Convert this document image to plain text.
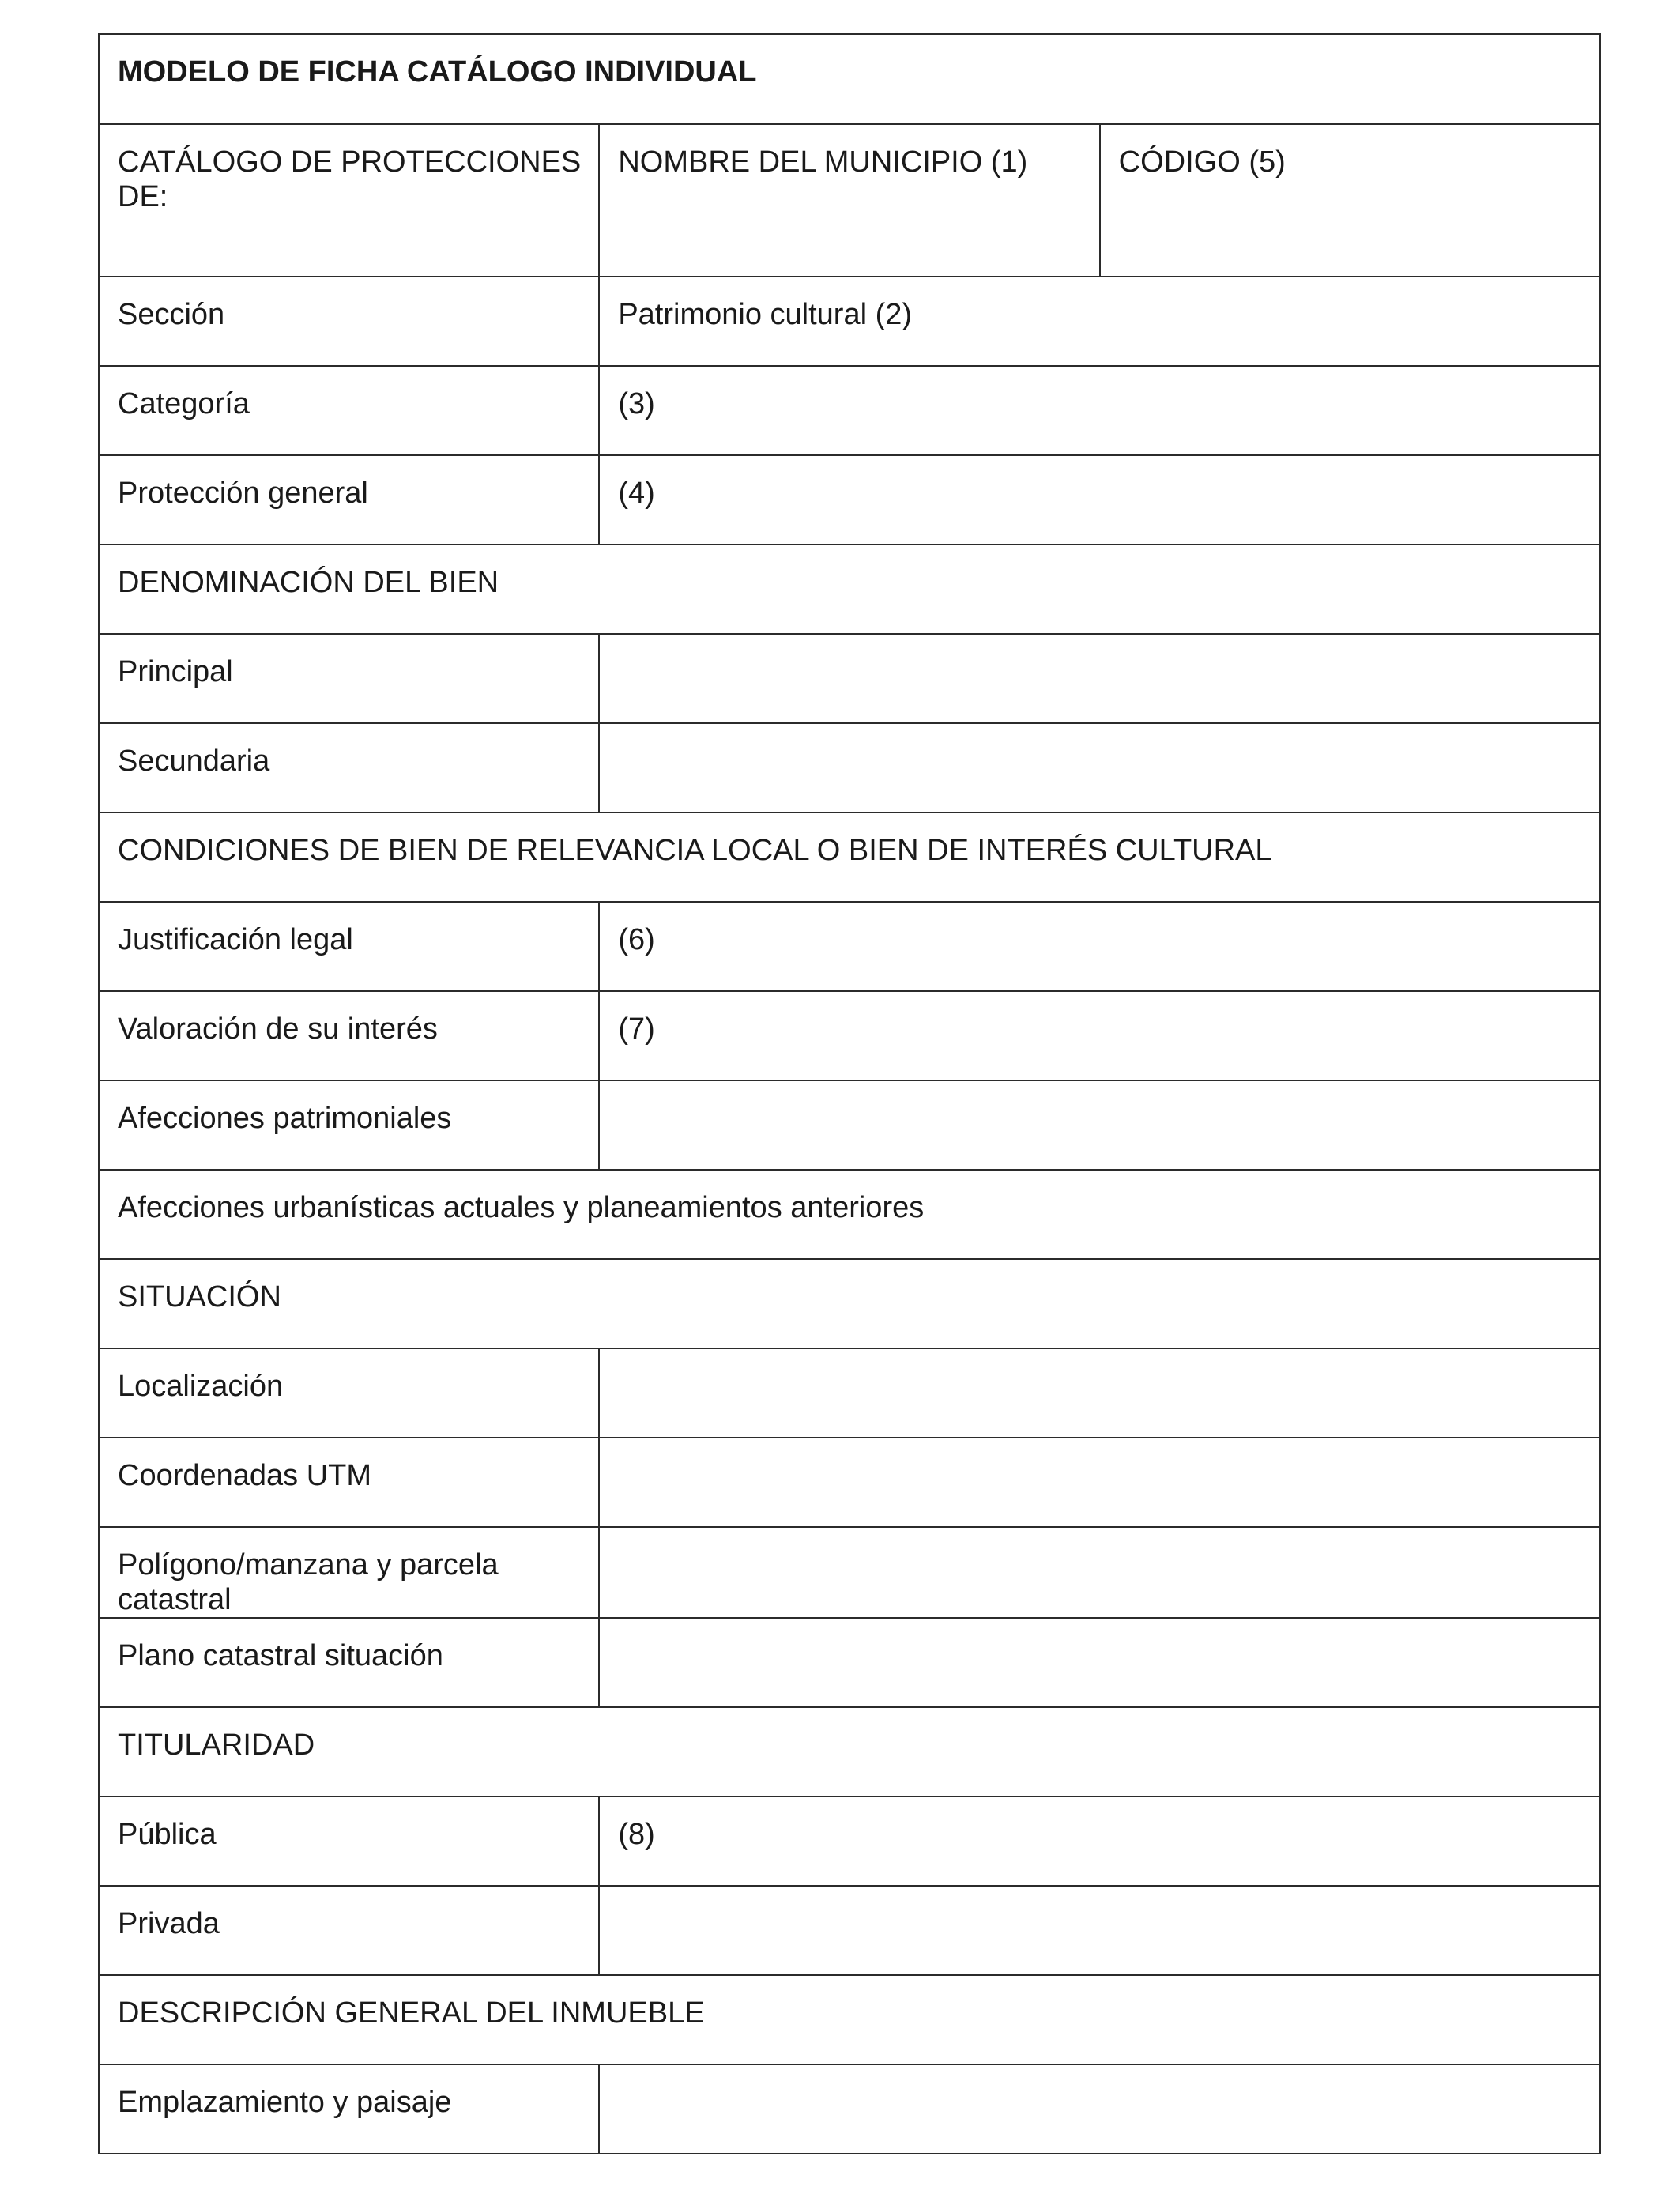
MODELO DE FICHA CATÁLOGO INDIVIDUAL		
CATÁLOGO DE PROTECCIONES DE:	NOMBRE DEL MUNICIPIO (1)	CÓDIGO (5)
Sección	Patrimonio cultural (2)	
Categoría	(3)	
Protección general	(4)	
DENOMINACIÓN DEL BIEN		
Principal		
Secundaria		
CONDICIONES DE BIEN DE RELEVANCIA LOCAL O BIEN DE INTERÉS CULTURAL		
Justificación legal	(6)	
Valoración de su interés	(7)	
Afecciones patrimoniales		
Afecciones urbanísticas actuales y planeamientos anteriores		
SITUACIÓN		
Localización		
Coordenadas UTM		
Polígono/manzana y parcela catastral		
Plano catastral situación		
TITULARIDAD		
Pública	(8)	
Privada		
DESCRIPCIÓN GENERAL DEL INMUEBLE		
Emplazamiento y paisaje		
